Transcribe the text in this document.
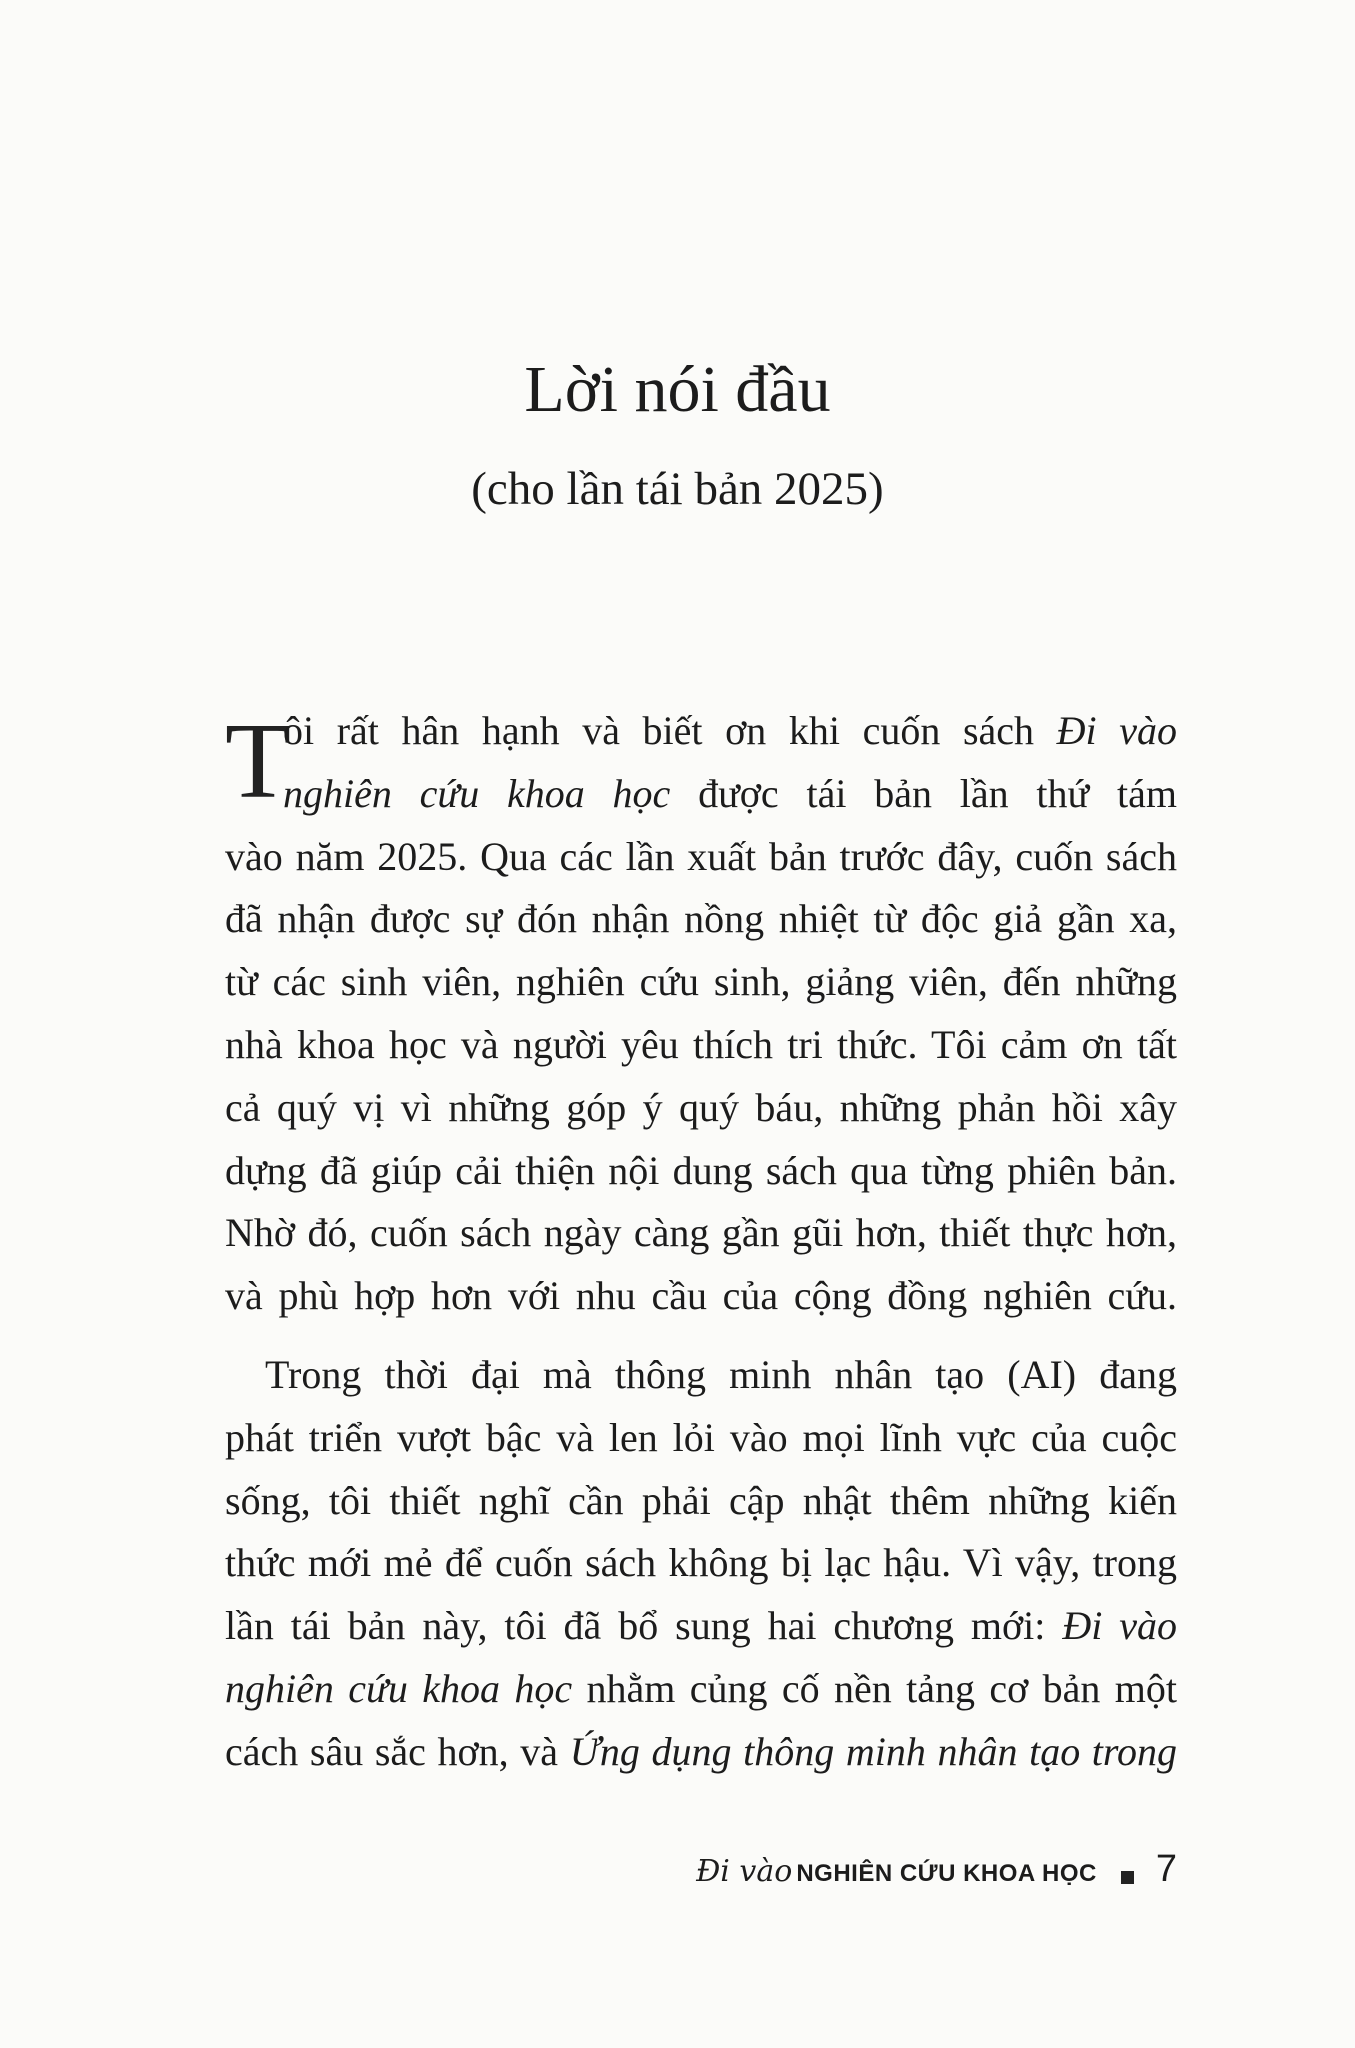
Lời nói đầu
(cho lần tái bản 2025)
T
ôi rất hân hạnh và biết ơn khi cuốn sách Đi vào
nghiên cứu khoa học được tái bản lần thứ tám
vào năm 2025. Qua các lần xuất bản trước đây, cuốn sách
đã nhận được sự đón nhận nồng nhiệt từ độc giả gần xa,
từ các sinh viên, nghiên cứu sinh, giảng viên, đến những
nhà khoa học và người yêu thích tri thức. Tôi cảm ơn tất
cả quý vị vì những góp ý quý báu, những phản hồi xây
dựng đã giúp cải thiện nội dung sách qua từng phiên bản.
Nhờ đó, cuốn sách ngày càng gần gũi hơn, thiết thực hơn,
và phù hợp hơn với nhu cầu của cộng đồng nghiên cứu.
 Trong thời đại mà thông minh nhân tạo (AI) đang
phát triển vượt bậc và len lỏi vào mọi lĩnh vực của cuộc
sống, tôi thiết nghĩ cần phải cập nhật thêm những kiến
thức mới mẻ để cuốn sách không bị lạc hậu. Vì vậy, trong
lần tái bản này, tôi đã bổ sung hai chương mới: Đi vào
nghiên cứu khoa học nhằm củng cố nền tảng cơ bản một
cách sâu sắc hơn, và Ứng dụng thông minh nhân tạo trong
Đi vào NGHIÊN CỨU KHOA HỌC 7
